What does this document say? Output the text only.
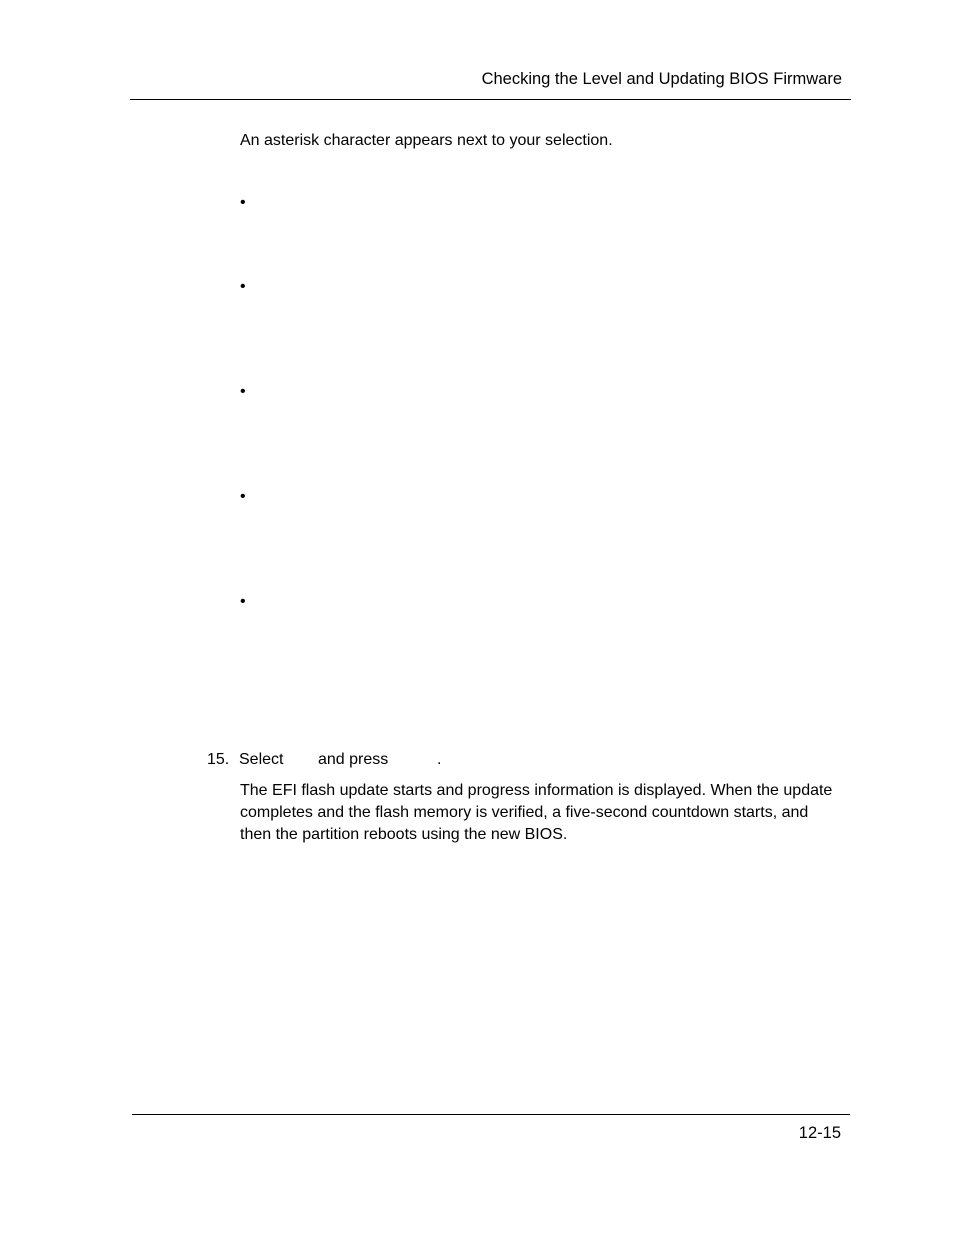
Checking the Level and Updating BIOS Firmware
An asterisk character appears next to your selection.
•
•
•
•
•
15. Select and press	.
The EFI flash update starts and progress information is displayed. When the update
completes and the flash memory is verified, a five-second countdown starts, and
then the partition reboots using the new BIOS.
12-15
